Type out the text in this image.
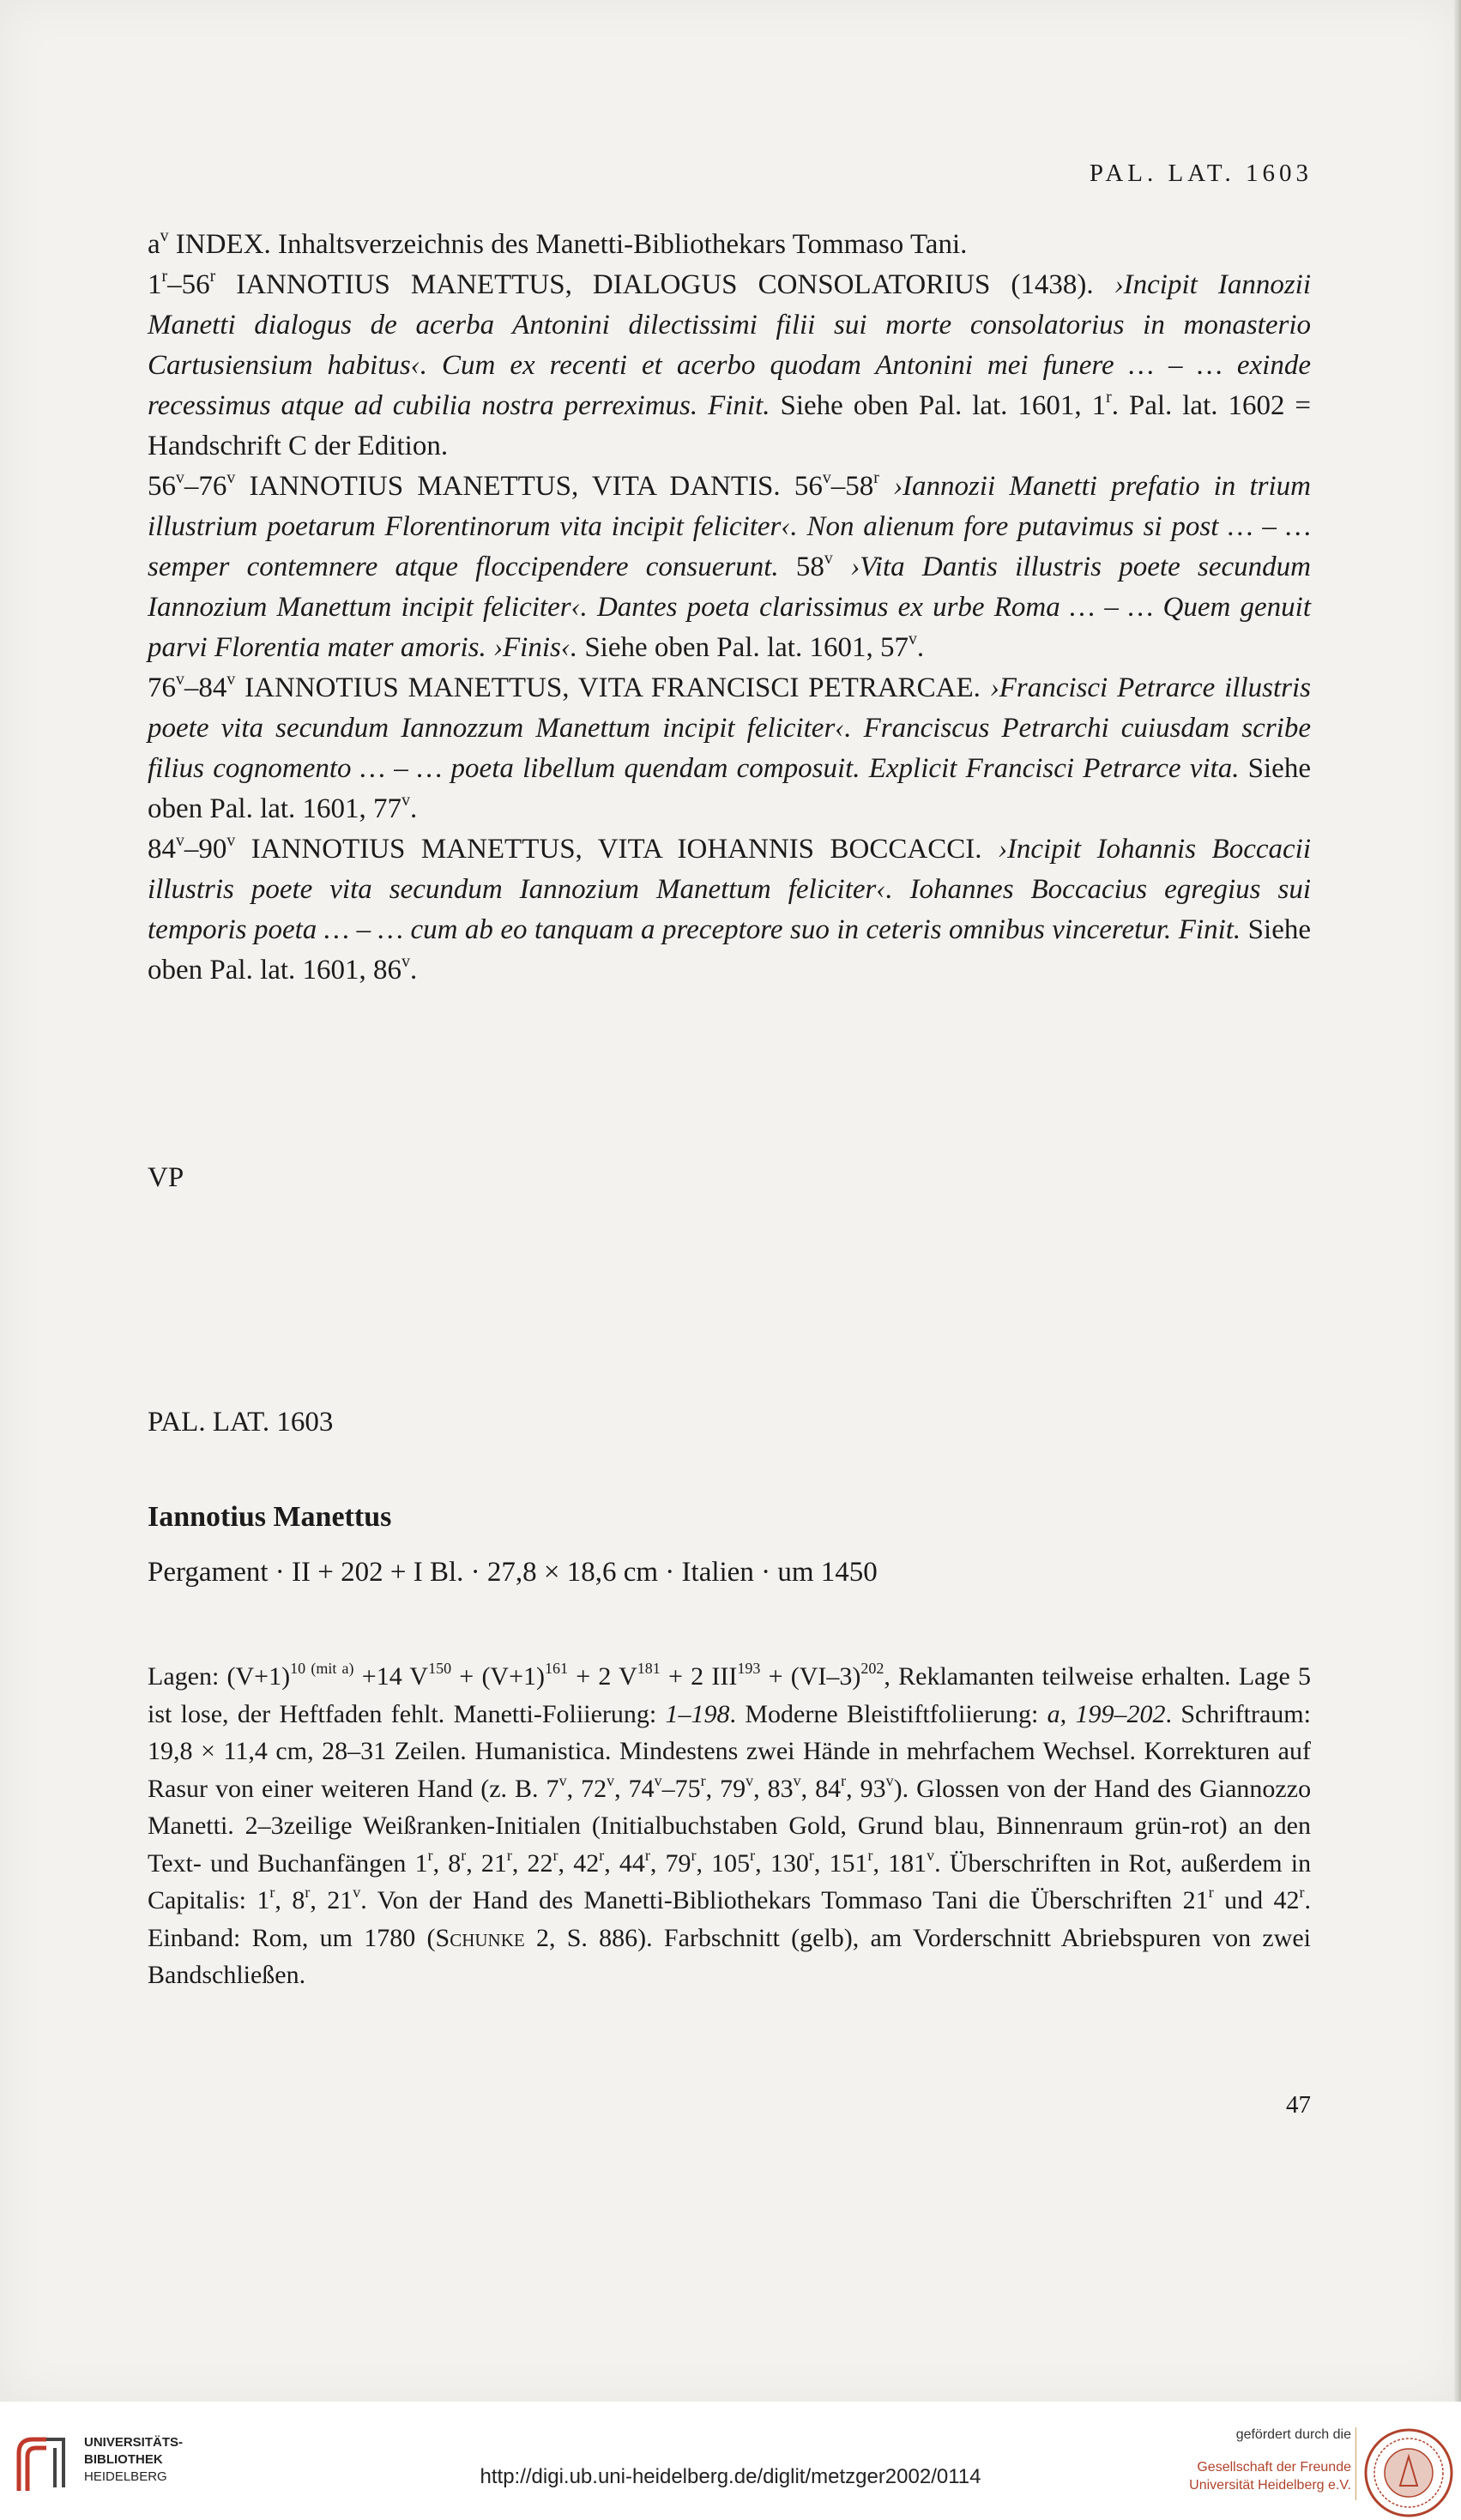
PAL. LAT. 1603

$a^v$ INDEX. Inhaltsverzeichnis des Manetti-Bibliothekars Tommaso Tani.

1$^r$–56$^r$ IANNOTIUS MANETTUS, DIALOGUS CONSOLATORIUS (1438). ›Incipit Iannozii Manetti dialogus de acerba Antonini dilectissimi filii sui morte consolatorius in monasterio Cartusiensium habitus‹. Cum ex recenti et acerbo quodam Antonini mei funere … – … exinde recessimus atque ad cubilia nostra perreximus. Finit. Siehe oben Pal. lat. 1601, 1$^r$. Pal. lat. 1602 = Handschrift C der Edition.

56$^v$–76$^v$ IANNOTIUS MANETTUS, VITA DANTIS. 56$^v$–58$^r$ ›Iannozii Manetti prefatio in trium illustrium poetarum Florentinorum vita incipit feliciter‹. Non alienum fore putavimus si post … – … semper contemnere atque floccipendere consuerunt. 58$^v$ ›Vita Dantis illustris poete secundum Iannozium Manettum incipit feliciter‹. Dantes poeta clarissimus ex urbe Roma … – … Quem genuit parvi Florentia mater amoris. ›Finis‹. Siehe oben Pal. lat. 1601, 57$^v$.

76$^v$–84$^v$ IANNOTIUS MANETTUS, VITA FRANCISCI PETRARCAE. ›Francisci Petrarce illustris poete vita secundum Iannozzum Manettum incipit feliciter‹. Franciscus Petrarchi cuiusdam scribe filius cognomento … – … poeta libellum quendam composuit. Explicit Francisci Petrarce vita. Siehe oben Pal. lat. 1601, 77$^v$.

84$^v$–90$^v$ IANNOTIUS MANETTUS, VITA IOHANNIS BOCCACCI. ›Incipit Iohannis Boccacii illustris poete vita secundum Iannozium Manettum feliciter‹. Iohannes Boccacius egregius sui temporis poeta … – … cum ab eo tanquam a preceptore suo in ceteris omnibus vinceretur. Finit. Siehe oben Pal. lat. 1601, 86$^v$.

VP
PAL. LAT. 1603
Iannotius Manettus
Pergament · II + 202 + I Bl. · 27,8 × 18,6 cm · Italien · um 1450
Lagen: $(V+1)^{10 (mit a)} +14$ $V^{150} + (V+1)^{161} + 2$ $V^{181} + 2$ $III^{193} + (VI-3)^{202}$, Reklamanten teilweise erhalten. Lage 5 ist lose, der Heftfaden fehlt. Manetti-Foliierung: 1–198. Moderne Bleistiftfoliierung: a, 199–202. Schriftraum: 19,8 × 11,4 cm, 28–31 Zeilen. Humanistica. Mindestens zwei Hände in mehrfachem Wechsel. Korrekturen auf Rasur von einer weiteren Hand (z. B. 7$^v$, 72$^v$, 74$^v$–75$^r$, 79$^v$, 83$^v$, 84$^r$, 93$^v$). Glossen von der Hand des Giannozzo Manetti. 2–3zeilige Weißranken-Initialen (Initialbuchstaben Gold, Grund blau, Binnenraum grün-rot) an den Text- und Buchanfängen 1$^r$, 8$^r$, 21$^r$, 22$^r$, 42$^r$, 44$^r$, 79$^r$, 105$^r$, 130$^r$, 151$^r$, 181$^v$. Überschriften in Rot, außerdem in Capitalis: 1$^r$, 8$^r$, 21$^v$. Von der Hand des Manetti-Bibliothekars Tommaso Tani die Überschriften 21$^r$ und 42$^r$. Einband: Rom, um 1780 (Schunke 2, S. 886). Farbschnitt (gelb), am Vorderschnitt Abriebspuren von zwei Bandschließen.
47
UNIVERSITÄTS-
BIBLIOTHEK
HEIDELBERG	http://digi.ub.uni-heidelberg.de/diglit/metzger2002/0114
gefördert durch die
Gesellschaft der Freunde
Universität Heidelberg e.V.
